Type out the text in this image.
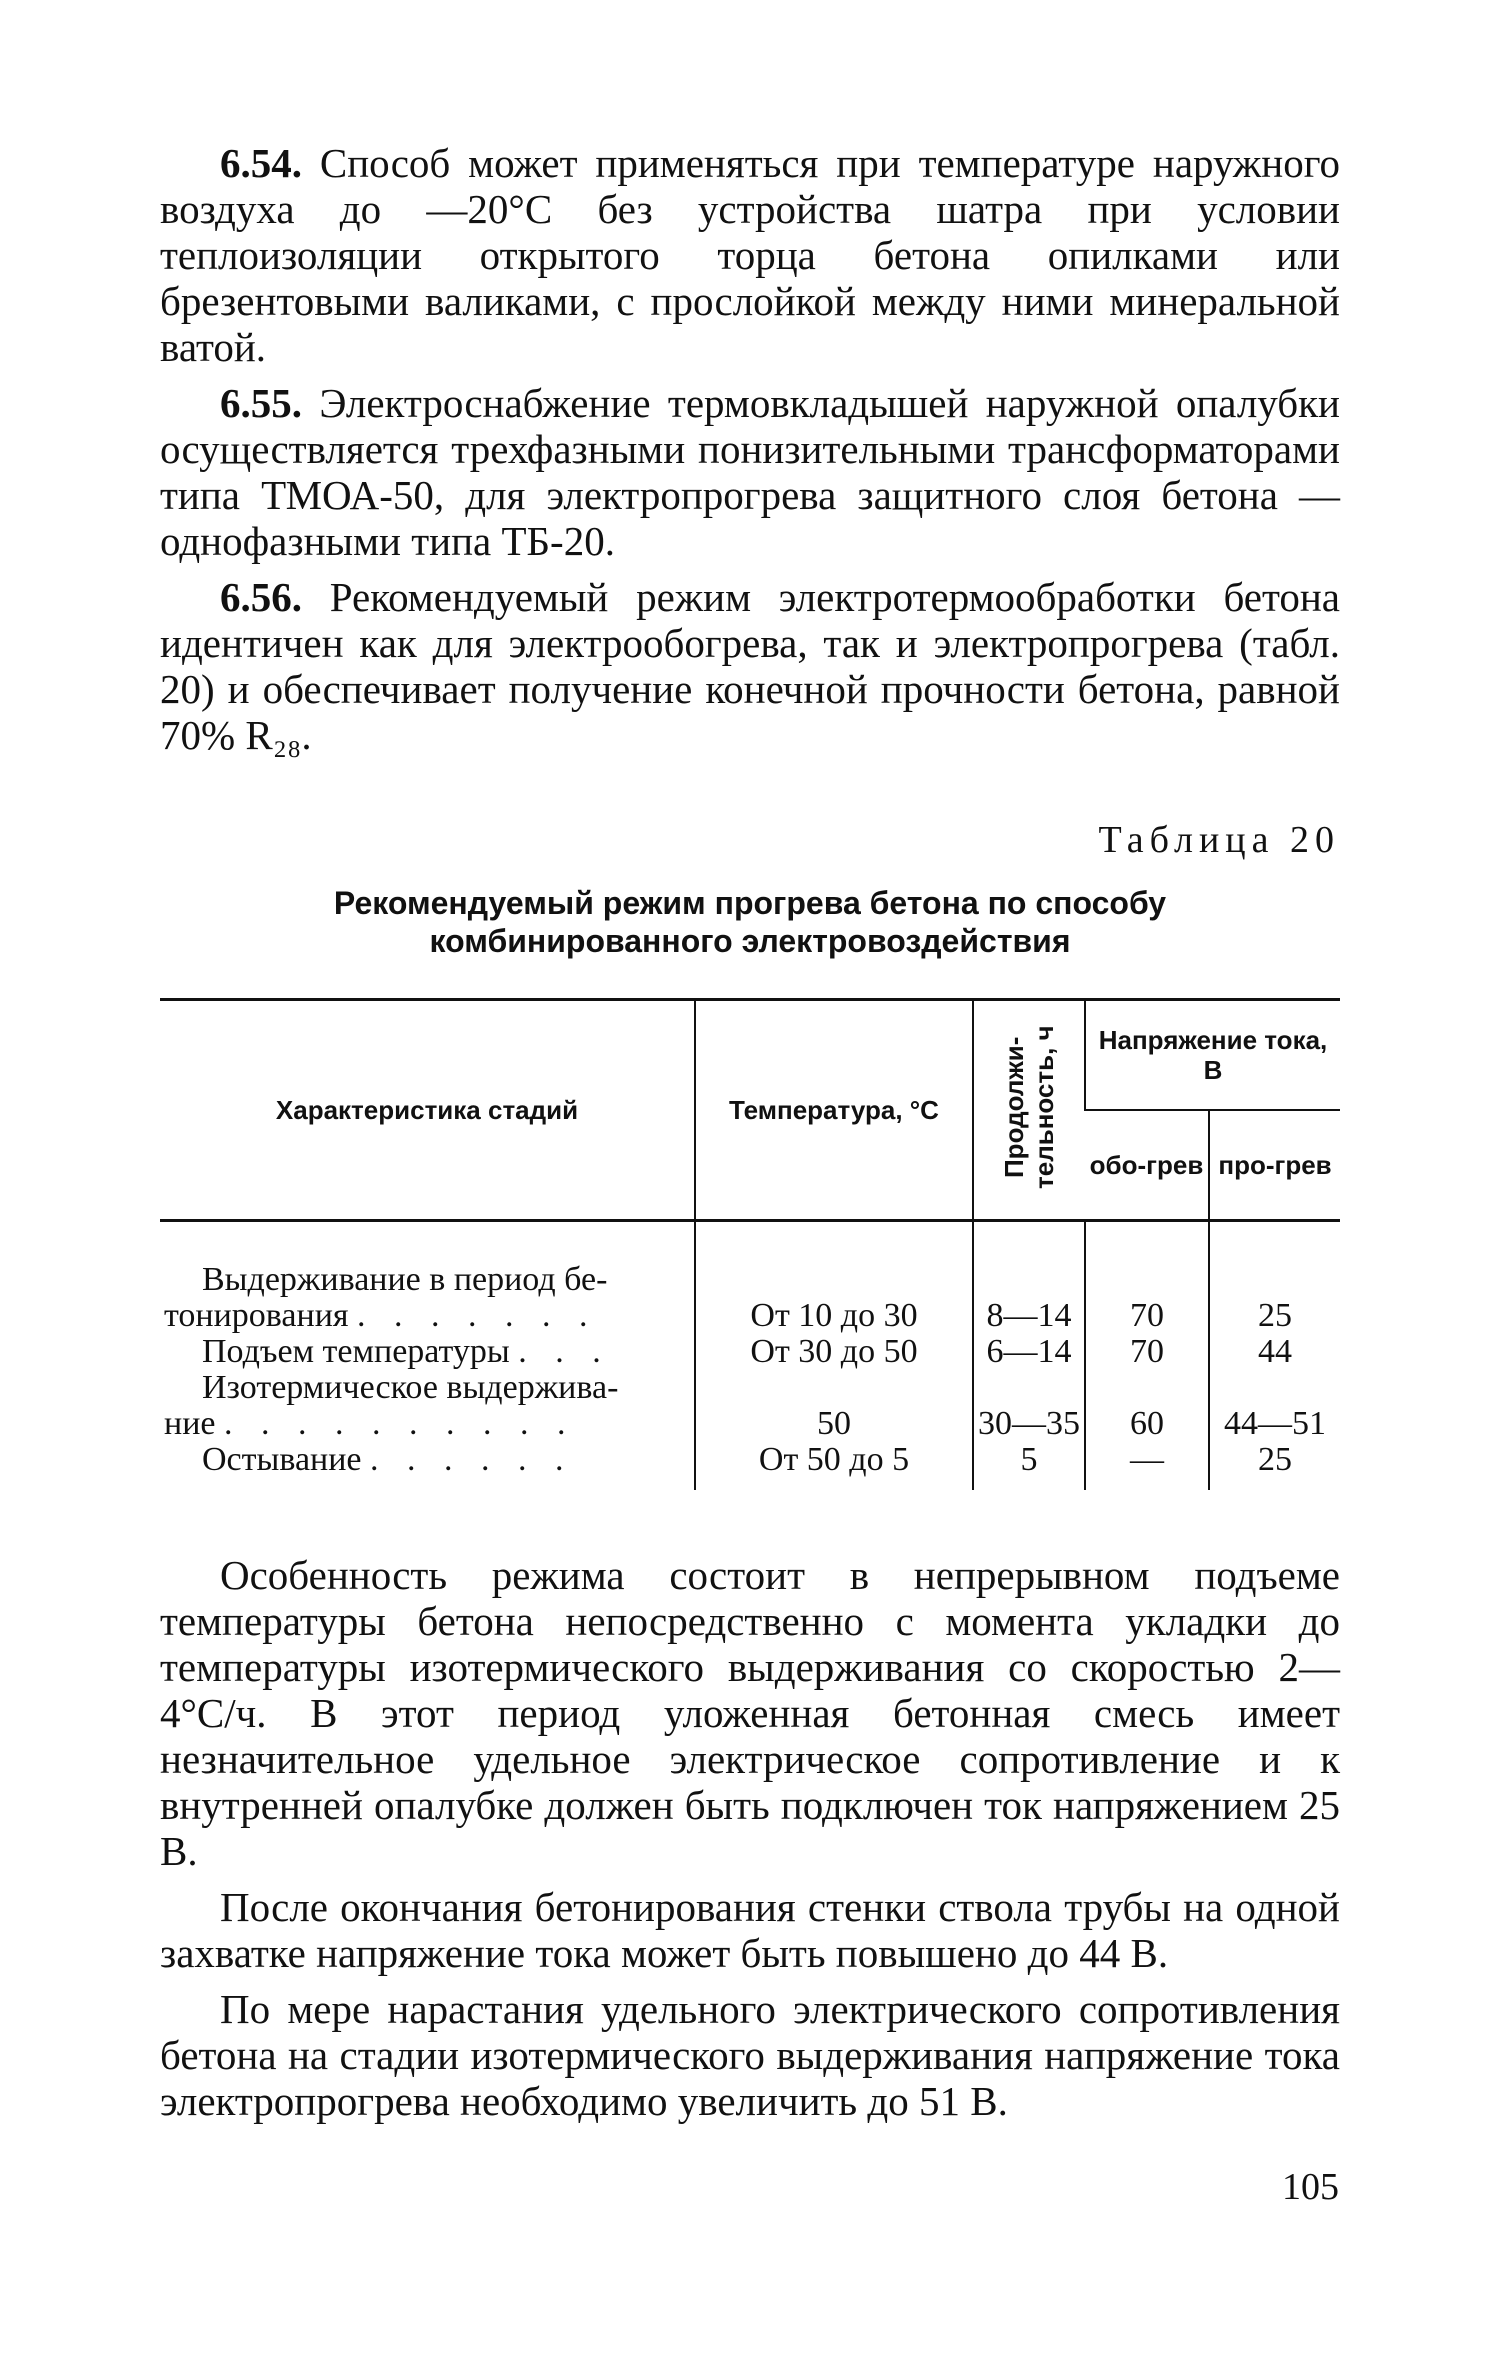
6.54. Способ может применяться при температуре наружного воздуха до —20°С без устройства шатра при условии теплоизоляции открытого торца бетона опилками или брезентовыми валиками, с прослойкой между ними минеральной ватой.

6.55. Электроснабжение термовкладышей наружной опалубки осуществляется трехфазными понизительными трансформаторами типа ТМОА-50, для электропрогрева защитного слоя бетона — однофазными типа ТБ-20.

6.56. Рекомендуемый режим электротермообработки бетона идентичен как для электрообогрева, так и электропрогрева (табл. 20) и обеспечивает получение конечной прочности бетона, равной 70% R₂₈.

Таблица 20
Рекомендуемый режим прогрева бетона по способу
комбинированного электровоздействия
Характеристика стадий	Температура, °С	Продолжи-тельность, ч	Напряжение тока, В	
			обо-грев	про-грев

Выдерживание в период бе-
тонирования . . . . . . .	От 10 до 30	8—14	70	25
Подъем температуры . . .	От 30 до 50	6—14	70	44

Изотермическое выдержива-
ние . . . . . . . . . .	50	30—35	60	44—51
Остывание . . . . . .	От 50 до 5	5	—	25

Особенность режима состоит в непрерывном подъеме температуры бетона непосредственно с момента укладки до температуры изотермического выдерживания со скоростью 2—4°С/ч. В этот период уложенная бетонная смесь имеет незначительное удельное электрическое сопротивление и к внутренней опалубке должен быть подключен ток напряжением 25 В.

После окончания бетонирования стенки ствола трубы на одной захватке напряжение тока может быть повышено до 44 В.

По мере нарастания удельного электрического сопротивления бетона на стадии изотермического выдерживания напряжение тока электропрогрева необходимо увеличить до 51 В.

105
